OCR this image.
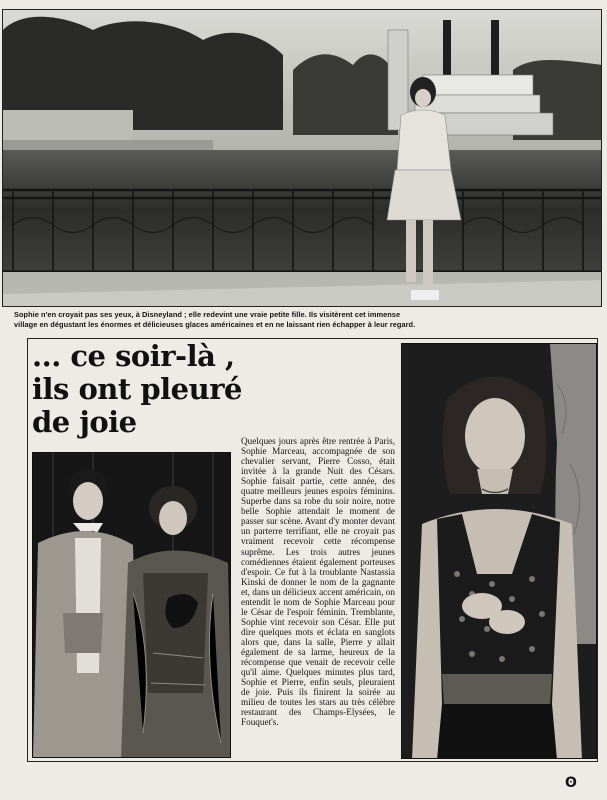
Sophie n'en croyait pas ses yeux, à Disneyland ; elle redevint une vraie petite fille. Ils visitèrent cet immense
village en dégustant les énormes et délicieuses glaces américaines et en ne laissant rien échapper à leur regard.
... ce soir-là ,
ils ont pleuré
de joie
Quelques jours après être rentrée à Paris, Sophie Marceau, accompagnée de son chevalier servant, Pierre Cosso, était invitée à la grande Nuit des Césars. Sophie faisait partie, cette année, des quatre meilleurs jeunes espoirs féminins. Superbe dans sa robe du soir noire, notre belle Sophie attendait le moment de passer sur scène. Avant d'y monter devant un parterre terrifiant, elle ne croyait pas vraiment recevoir cette récompense suprême. Les trois autres jeunes comédiennes étaient également porteuses d'espoir. Ce fut à la troublante Nastassia Kinski de donner le nom de la gagnante et, dans un délicieux accent américain, on entendit le nom de Sophie Marceau pour le César de l'espoir féminin. Tremblante, Sophie vint recevoir son César. Elle put dire quelques mots et éclata en sanglots alors que, dans la salle, Pierre y allait également de sa larme, heureux de la récompense que venait de recevoir celle qu'il aime. Quelques minutes plus tard, Sophie et Pierre, enfin seuls, pleuraient de joie. Puis ils finirent la soirée au milieu de toutes les stars au très célèbre restaurant des Champs-Elysées, le Fouquet's.
ʘ
